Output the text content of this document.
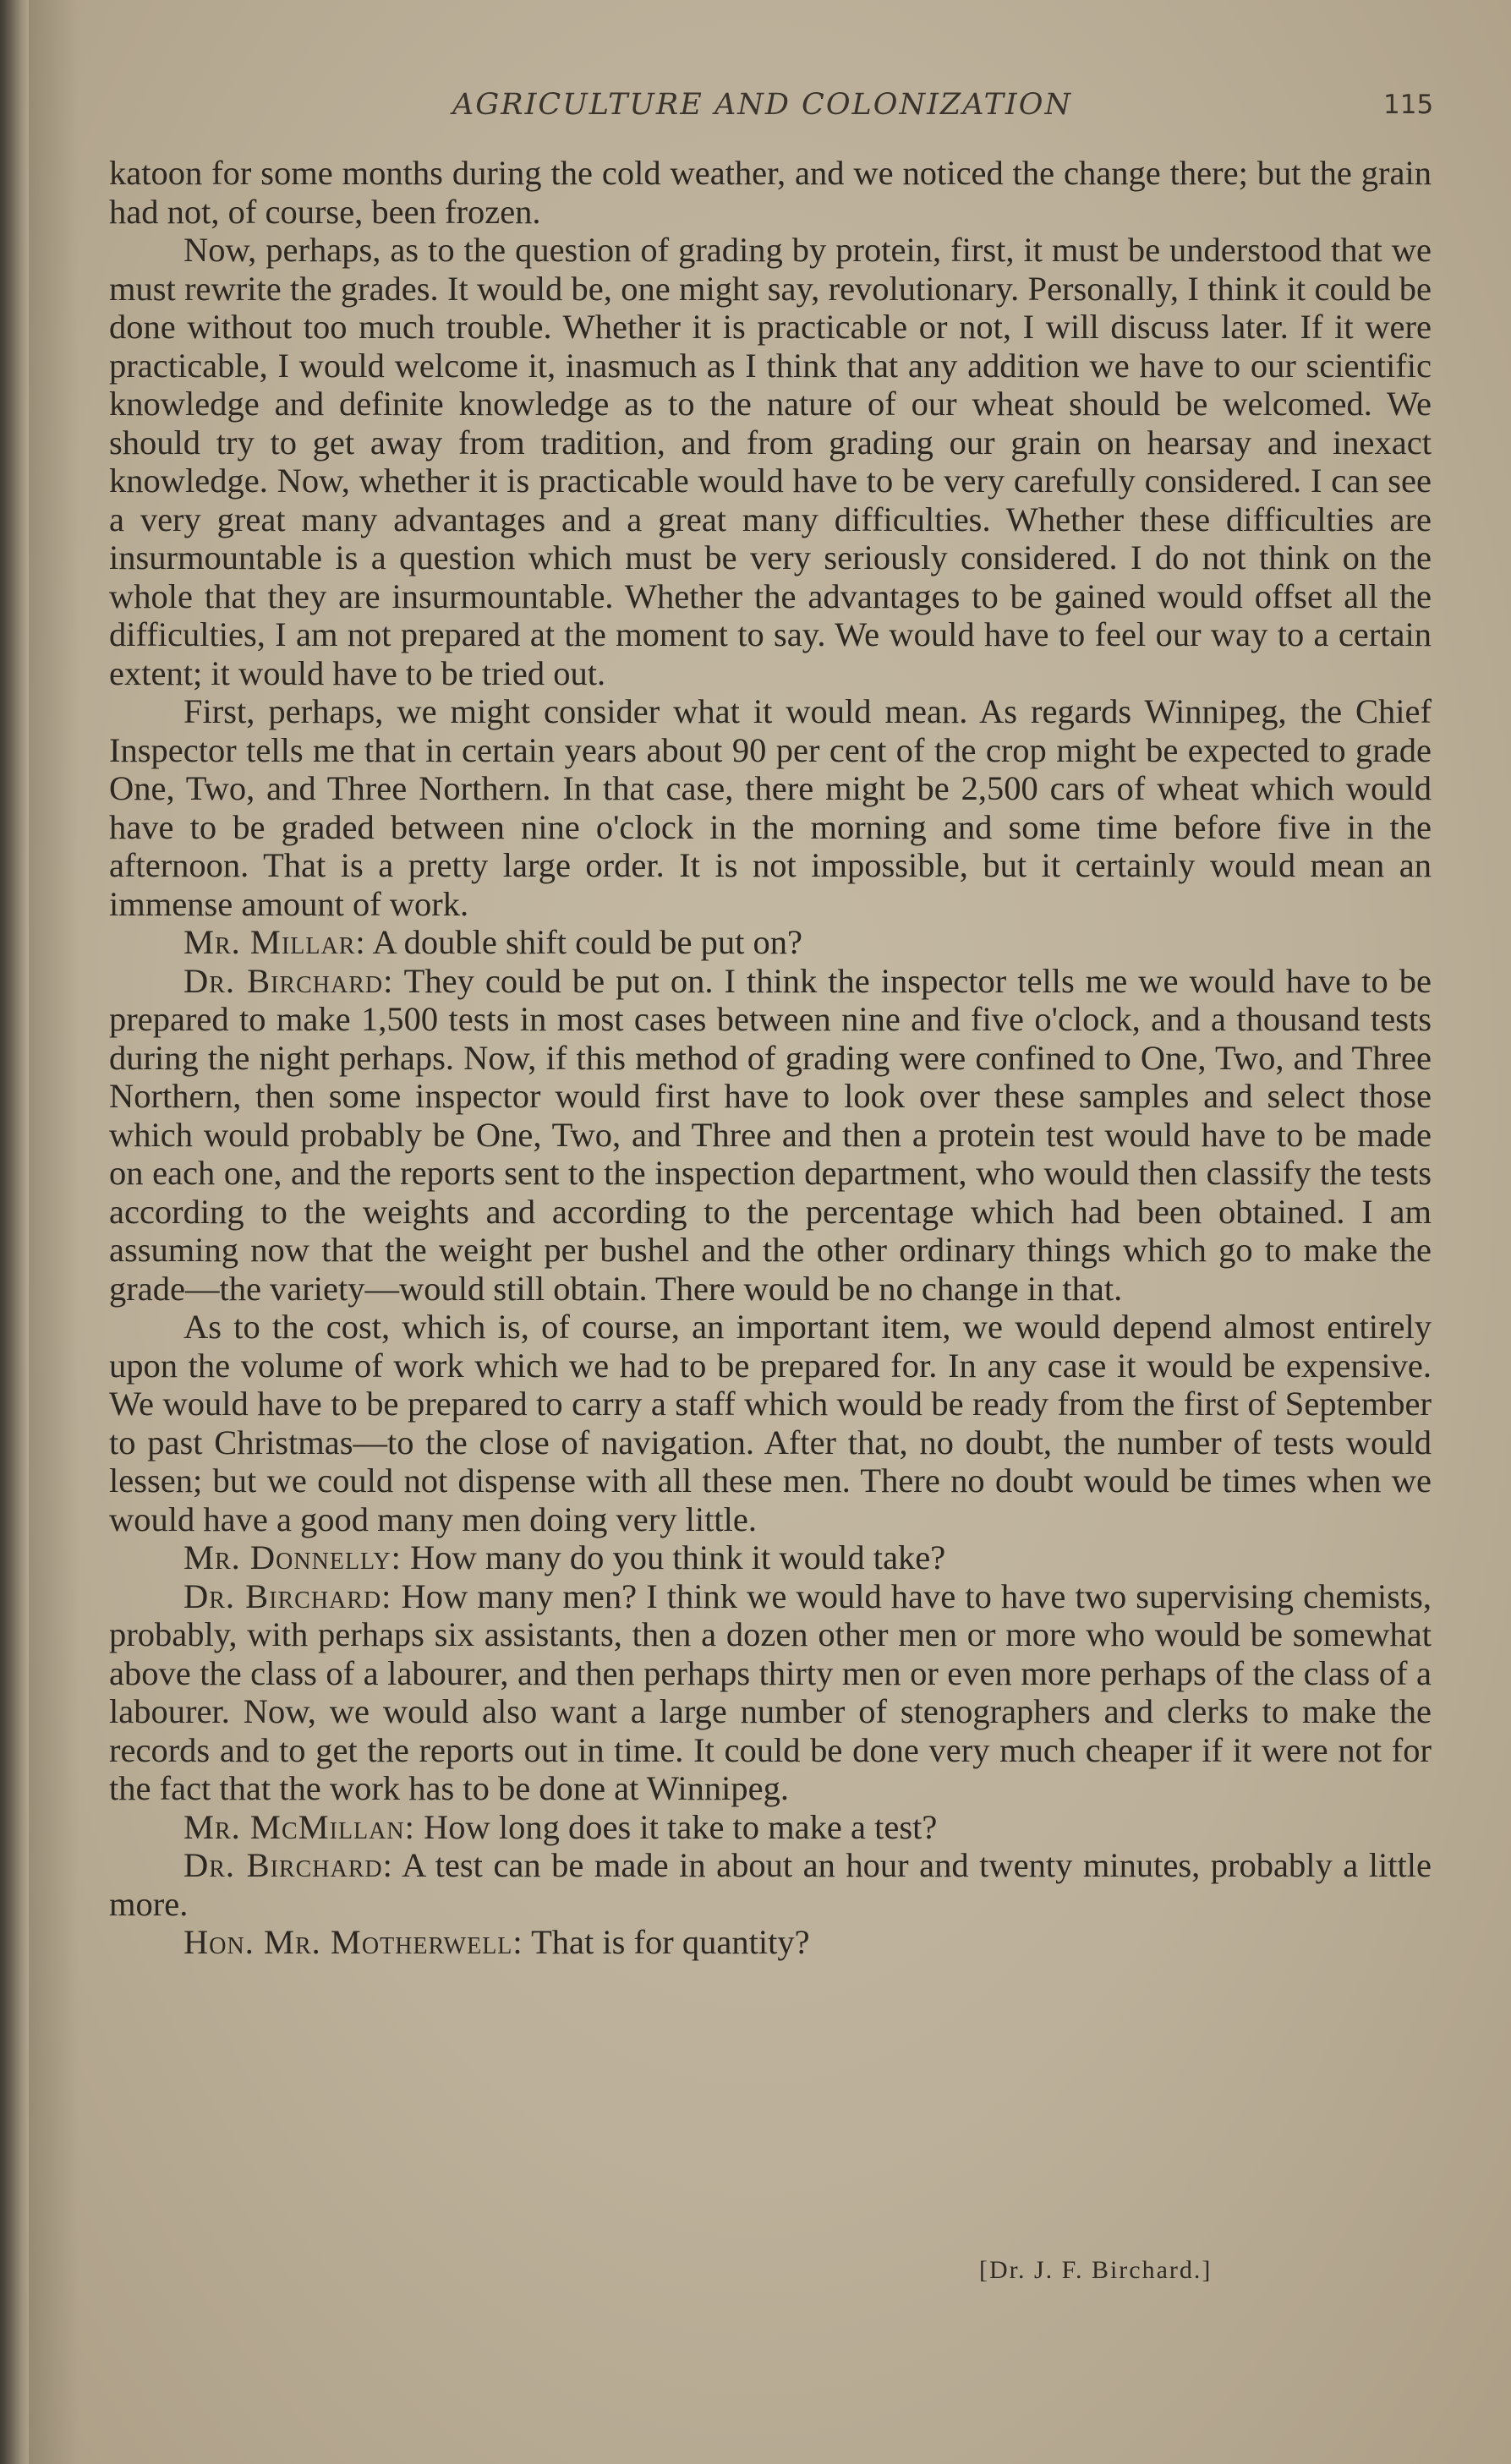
AGRICULTURE AND COLONIZATION	115

katoon for some months during the cold weather, and we noticed the change there; but the grain had not, of course, been frozen.

Now, perhaps, as to the question of grading by protein, first, it must be understood that we must rewrite the grades. It would be, one might say, revolutionary. Personally, I think it could be done without too much trouble. Whether it is practicable or not, I will discuss later. If it were practicable, I would welcome it, inasmuch as I think that any addition we have to our scientific knowledge and definite knowledge as to the nature of our wheat should be welcomed. We should try to get away from tradition, and from grading our grain on hearsay and inexact knowledge. Now, whether it is practicable would have to be very carefully considered. I can see a very great many advantages and a great many difficulties. Whether these difficulties are insurmountable is a question which must be very seriously considered. I do not think on the whole that they are insurmountable. Whether the advantages to be gained would offset all the difficulties, I am not prepared at the moment to say. We would have to feel our way to a certain extent; it would have to be tried out.

First, perhaps, we might consider what it would mean. As regards Winnipeg, the Chief Inspector tells me that in certain years about 90 per cent of the crop might be expected to grade One, Two, and Three Northern. In that case, there might be 2,500 cars of wheat which would have to be graded between nine o'clock in the morning and some time before five in the afternoon. That is a pretty large order. It is not impossible, but it certainly would mean an immense amount of work.

Mr. Millar: A double shift could be put on?

Dr. Birchard: They could be put on. I think the inspector tells me we would have to be prepared to make 1,500 tests in most cases between nine and five o'clock, and a thousand tests during the night perhaps. Now, if this method of grading were confined to One, Two, and Three Northern, then some inspector would first have to look over these samples and select those which would probably be One, Two, and Three and then a protein test would have to be made on each one, and the reports sent to the inspection department, who would then classify the tests according to the weights and according to the percentage which had been obtained. I am assuming now that the weight per bushel and the other ordinary things which go to make the grade—the variety—would still obtain. There would be no change in that.

As to the cost, which is, of course, an important item, we would depend almost entirely upon the volume of work which we had to be prepared for. In any case it would be expensive. We would have to be prepared to carry a staff which would be ready from the first of September to past Christmas—to the close of navigation. After that, no doubt, the number of tests would lessen; but we could not dispense with all these men. There no doubt would be times when we would have a good many men doing very little.

Mr. Donnelly: How many do you think it would take?

Dr. Birchard: How many men? I think we would have to have two supervising chemists, probably, with perhaps six assistants, then a dozen other men or more who would be somewhat above the class of a labourer, and then perhaps thirty men or even more perhaps of the class of a labourer. Now, we would also want a large number of stenographers and clerks to make the records and to get the reports out in time. It could be done very much cheaper if it were not for the fact that the work has to be done at Winnipeg.

Mr. McMillan: How long does it take to make a test?

Dr. Birchard: A test can be made in about an hour and twenty minutes, probably a little more.

Hon. Mr. Motherwell: That is for quantity?

[Dr. J. F. Birchard.]
